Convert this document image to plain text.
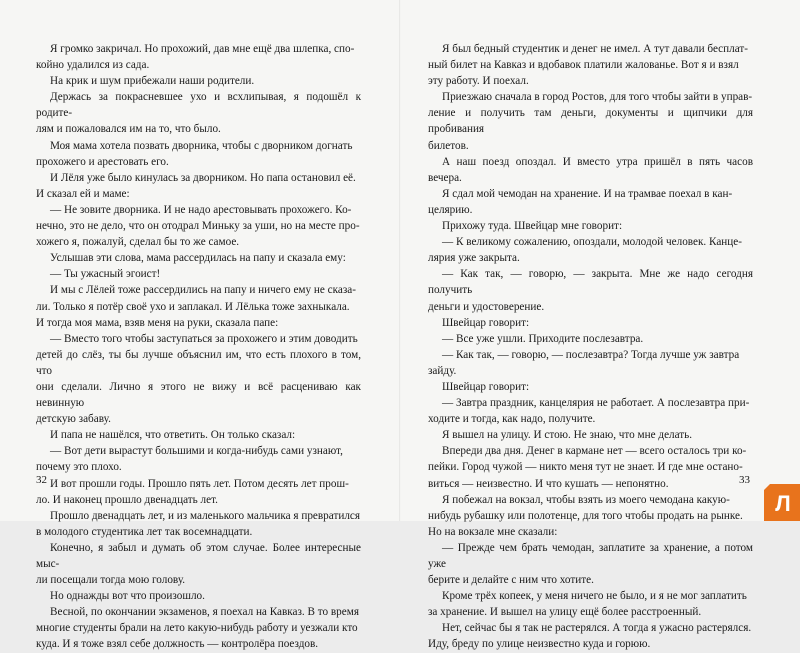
Я громко закричал. Но прохожий, дав мне ещё два шлепка, спо-
койно удалился из сада.

На крик и шум прибежали наши родители.

Держась за покрасневшее ухо и всхлипывая, я подошёл к родите-
лям и пожаловался им на то, что было.

Моя мама хотела позвать дворника, чтобы с дворником догнать
прохожего и арестовать его.

И Лёля уже было кинулась за дворником. Но папа остановил её.
И сказал ей и маме:

— Не зовите дворника. И не надо арестовывать прохожего. Ко-
нечно, это не дело, что он отодрал Миньку за уши, но на месте про-
хожего я, пожалуй, сделал бы то же самое.

Услышав эти слова, мама рассердилась на папу и сказала ему:

— Ты ужасный эгоист!

И мы с Лёлей тоже рассердились на папу и ничего ему не сказа-
ли. Только я потёр своё ухо и заплакал. И Лёлька тоже захныкала.
И тогда моя мама, взяв меня на руки, сказала папе:

— Вместо того чтобы заступаться за прохожего и этим доводить
детей до слёз, ты бы лучше объяснил им, что есть плохого в том, что
они сделали. Лично я этого не вижу и всё расцениваю как невинную
детскую забаву.

И папа не нашёлся, что ответить. Он только сказал:

— Вот дети вырастут большими и когда-нибудь сами узнают,
почему это плохо.

И вот прошли годы. Прошло пять лет. Потом десять лет прош-
ло. И наконец прошло двенадцать лет.

Прошло двенадцать лет, и из маленького мальчика я превратился
в молодого студентика лет так восемнадцати.

Конечно, я забыл и думать об этом случае. Более интересные мыс-
ли посещали тогда мою голову.

Но однажды вот что произошло.

Весной, по окончании экзаменов, я поехал на Кавказ. В то время
многие студенты брали на лето какую-нибудь работу и уезжали кто
куда. И я тоже взял себе должность — контролёра поездов.

32

Я был бедный студентик и денег не имел. А тут давали бесплат-
ный билет на Кавказ и вдобавок платили жалованье. Вот я и взял
эту работу. И поехал.

Приезжаю сначала в город Ростов, для того чтобы зайти в управ-
ление и получить там деньги, документы и щипчики для пробивания
билетов.

А наш поезд опоздал. И вместо утра пришёл в пять часов вечера.

Я сдал мой чемодан на хранение. И на трамвае поехал в кан-
целярию.

Прихожу туда. Швейцар мне говорит:

— К великому сожалению, опоздали, молодой человек. Канце-
лярия уже закрыта.

— Как так, — говорю, — закрыта. Мне же надо сегодня получить
деньги и удостоверение.

Швейцар говорит:

— Все уже ушли. Приходите послезавтра.

— Как так, — говорю, — послезавтра? Тогда лучше уж завтра
зайду.

Швейцар говорит:

— Завтра праздник, канцелярия не работает. А послезавтра при-
ходите и тогда, как надо, получите.

Я вышел на улицу. И стою. Не знаю, что мне делать.

Впереди два дня. Денег в кармане нет — всего осталось три ко-
пейки. Город чужой — никто меня тут не знает. И где мне остано-
виться — неизвестно. И что кушать — непонятно.

Я побежал на вокзал, чтобы взять из моего чемодана какую-
нибудь рубашку или полотенце, для того чтобы продать на рынке.
Но на вокзале мне сказали:

— Прежде чем брать чемодан, заплатите за хранение, а потом уже
берите и делайте с ним что хотите.

Кроме трёх копеек, у меня ничего не было, и я не мог заплатить
за хранение. И вышел на улицу ещё более расстроенный.

Нет, сейчас бы я так не растерялся. А тогда я ужасно растерялся.
Иду, бреду по улице неизвестно куда и горюю.

33
Л
